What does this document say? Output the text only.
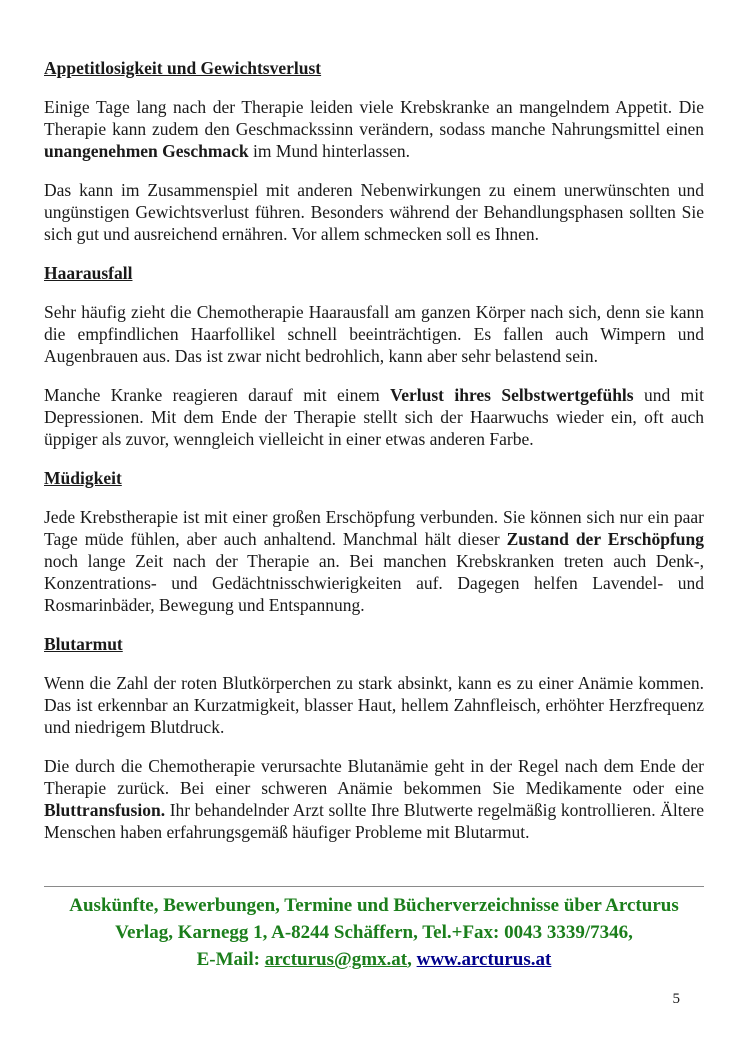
Appetitlosigkeit und Gewichtsverlust

Einige Tage lang nach der Therapie leiden viele Krebskranke an mangelndem Appetit. Die Therapie kann zudem den Geschmackssinn verändern, sodass manche Nahrungsmittel einen unangenehmen Geschmack im Mund hinterlassen.

Das kann im Zusammenspiel mit anderen Nebenwirkungen zu einem unerwünschten und ungünstigen Gewichtsverlust führen. Besonders während der Behandlungsphasen sollten Sie sich gut und ausreichend ernähren. Vor allem schmecken soll es Ihnen.

Haarausfall

Sehr häufig zieht die Chemotherapie Haarausfall am ganzen Körper nach sich, denn sie kann die empfindlichen Haarfollikel schnell beeinträchtigen. Es fallen auch Wimpern und Augenbrauen aus. Das ist zwar nicht bedrohlich, kann aber sehr belastend sein.

Manche Kranke reagieren darauf mit einem Verlust ihres Selbstwertgefühls und mit Depressionen. Mit dem Ende der Therapie stellt sich der Haarwuchs wieder ein, oft auch üppiger als zuvor, wenngleich vielleicht in einer etwas anderen Farbe.

Müdigkeit

Jede Krebstherapie ist mit einer großen Erschöpfung verbunden. Sie können sich nur ein paar Tage müde fühlen, aber auch anhaltend. Manchmal hält dieser Zustand der Erschöpfung noch lange Zeit nach der Therapie an. Bei manchen Krebskranken treten auch Denk-, Konzentrations- und Gedächtnisschwierigkeiten auf. Dagegen helfen Lavendel- und Rosmarinbäder, Bewegung und Entspannung.

Blutarmut

Wenn die Zahl der roten Blutkörperchen zu stark absinkt, kann es zu einer Anämie kommen. Das ist erkennbar an Kurzatmigkeit, blasser Haut, hellem Zahnfleisch, erhöhter Herzfrequenz und niedrigem Blutdruck.

Die durch die Chemotherapie verursachte Blutanämie geht in der Regel nach dem Ende der Therapie zurück. Bei einer schweren Anämie bekommen Sie Medikamente oder eine Bluttransfusion. Ihr behandelnder Arzt sollte Ihre Blutwerte regelmäßig kontrollieren. Ältere Menschen haben erfahrungsgemäß häufiger Probleme mit Blutarmut.

Auskünfte, Bewerbungen, Termine und Bücherverzeichnisse über Arcturus
Verlag, Karnegg 1, A-8244 Schäffern, Tel.+Fax: 0043 3339/7346,
E-Mail: arcturus@gmx.at, www.arcturus.at
5
